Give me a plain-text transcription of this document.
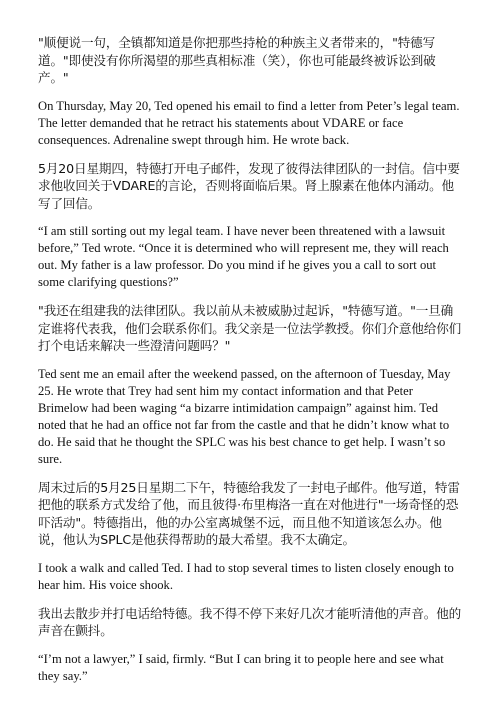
"顺便说一句，全镇都知道是你把那些持枪的种族主义者带来的，"特德写道。"即使没有你所渴望的那些真相标准（笑），你也可能最终被诉讼到破产。"

On Thursday, May 20, Ted opened his email to find a letter from Peter’s legal team. The letter demanded that he retract his statements about VDARE or face consequences. Adrenaline swept through him. He wrote back.

5月20日星期四，特德打开电子邮件，发现了彼得法律团队的一封信。信中要求他收回关于VDARE的言论，否则将面临后果。肾上腺素在他体内涌动。他写了回信。

“I am still sorting out my legal team. I have never been threatened with a lawsuit before,” Ted wrote. “Once it is determined who will represent me, they will reach out. My father is a law professor. Do you mind if he gives you a call to sort out some clarifying questions?”

"我还在组建我的法律团队。我以前从未被威胁过起诉，"特德写道。"一旦确定谁将代表我，他们会联系你们。我父亲是一位法学教授。你们介意他给你们打个电话来解决一些澄清问题吗？"

Ted sent me an email after the weekend passed, on the afternoon of Tuesday, May 25. He wrote that Trey had sent him my contact information and that Peter Brimelow had been waging “a bizarre intimidation campaign” against him. Ted noted that he had an office not far from the castle and that he didn’t know what to do. He said that he thought the SPLC was his best chance to get help. I wasn’t so sure.

周末过后的5月25日星期二下午，特德给我发了一封电子邮件。他写道，特雷把他的联系方式发给了他，而且彼得·布里梅洛一直在对他进行"一场奇怪的恐吓活动"。特德指出，他的办公室离城堡不远，而且他不知道该怎么办。他说，他认为SPLC是他获得帮助的最大希望。我不太确定。

I took a walk and called Ted. I had to stop several times to listen closely enough to hear him. His voice shook.

我出去散步并打电话给特德。我不得不停下来好几次才能听清他的声音。他的声音在颤抖。

“I’m not a lawyer,” I said, firmly. “But I can bring it to people here and see what they say.”
